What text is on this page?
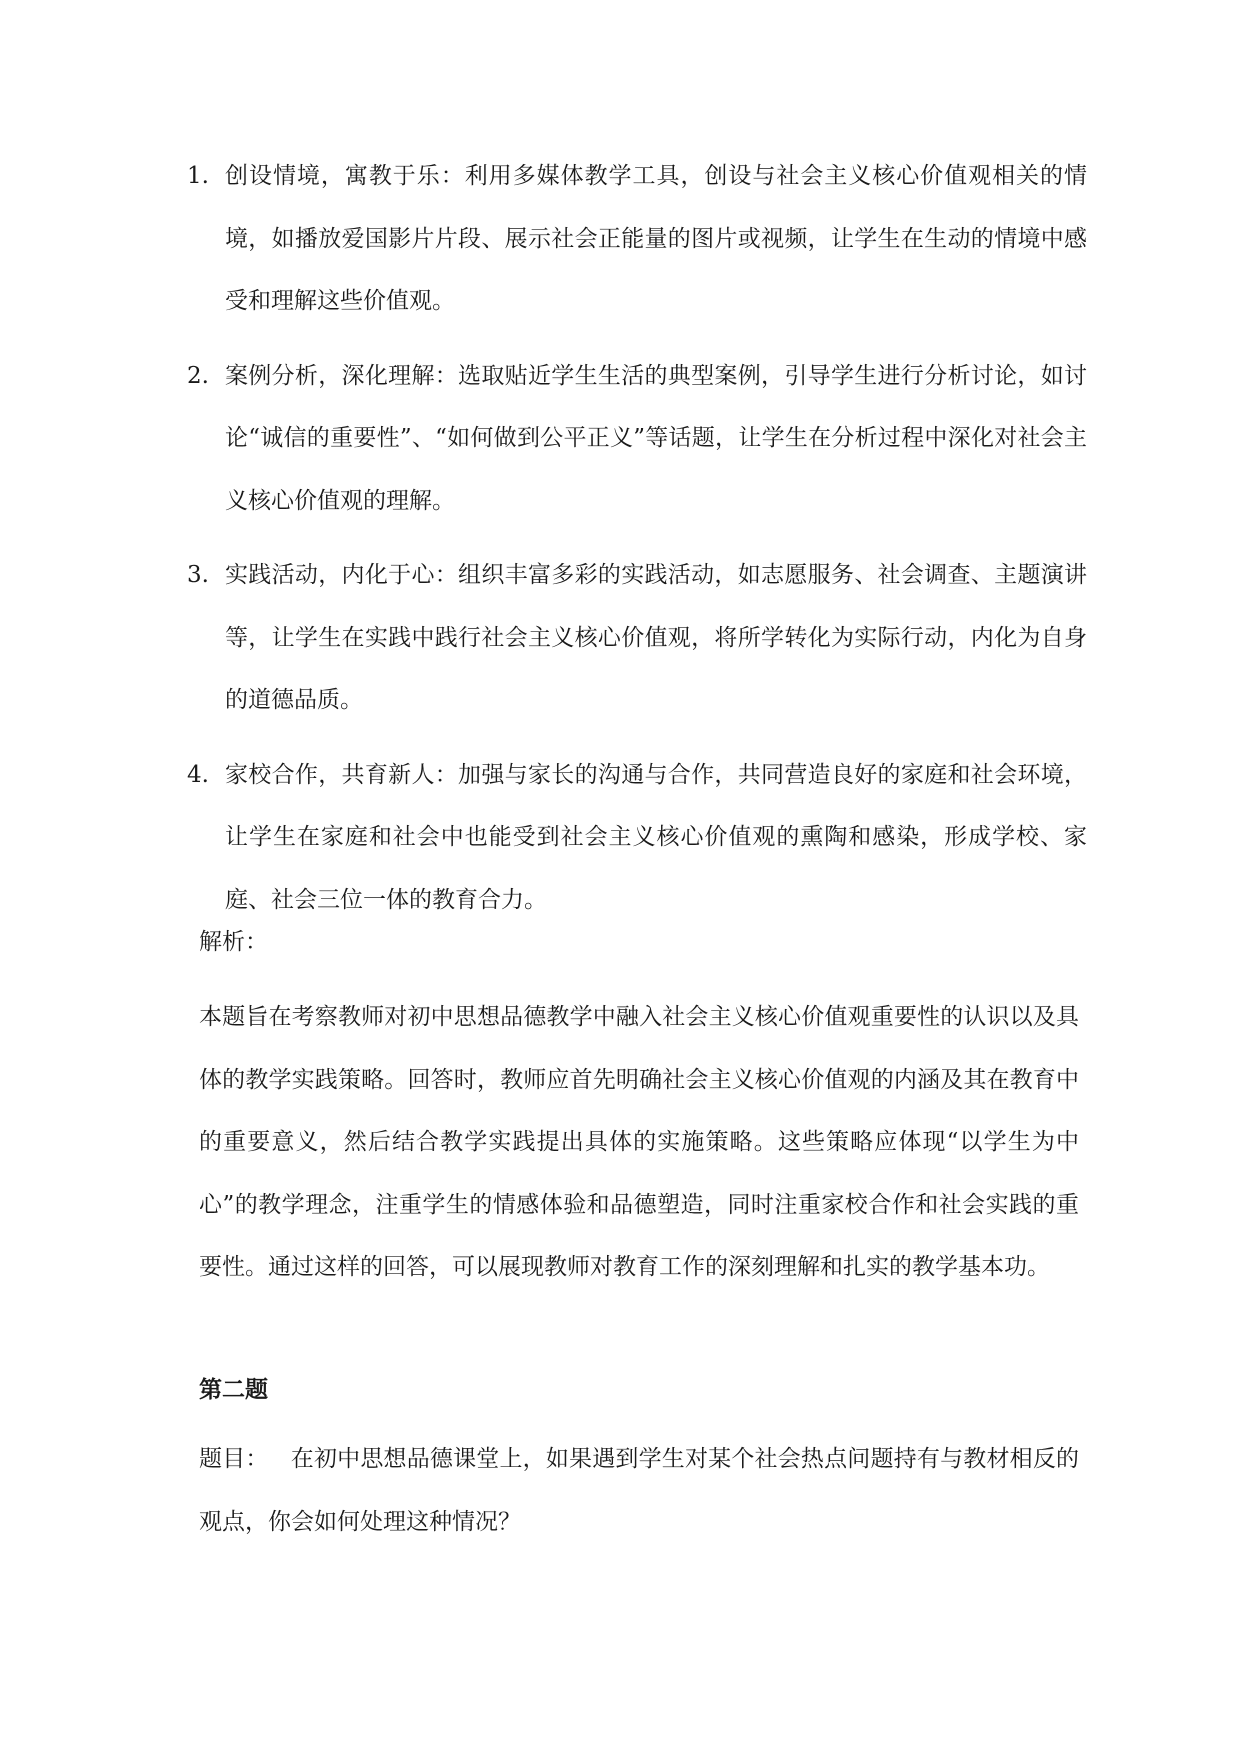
1. 创设情境，寓教于乐：利用多媒体教学工具，创设与社会主义核心价值观相关的情境，如播放爱国影片片段、展示社会正能量的图片或视频，让学生在生动的情境中感受和理解这些价值观。
2. 案例分析，深化理解：选取贴近学生生活的典型案例，引导学生进行分析讨论，如讨论“诚信的重要性”、“如何做到公平正义”等话题，让学生在分析过程中深化对社会主义核心价值观的理解。
3. 实践活动，内化于心：组织丰富多彩的实践活动，如志愿服务、社会调查、主题演讲等，让学生在实践中践行社会主义核心价值观，将所学转化为实际行动，内化为自身的道德品质。
4. 家校合作，共育新人：加强与家长的沟通与合作，共同营造良好的家庭和社会环境，让学生在家庭和社会中也能受到社会主义核心价值观的熏陶和感染，形成学校、家庭、社会三位一体的教育合力。
解析：

本题旨在考察教师对初中思想品德教学中融入社会主义核心价值观重要性的认识以及具体的教学实践策略。回答时，教师应首先明确社会主义核心价值观的内涵及其在教育中的重要意义，然后结合教学实践提出具体的实施策略。这些策略应体现“以学生为中心”的教学理念，注重学生的情感体验和品德塑造，同时注重家校合作和社会实践的重要性。通过这样的回答，可以展现教师对教育工作的深刻理解和扎实的教学基本功。

第二题

题目： 在初中思想品德课堂上，如果遇到学生对某个社会热点问题持有与教材相反的观点，你会如何处理这种情况？
